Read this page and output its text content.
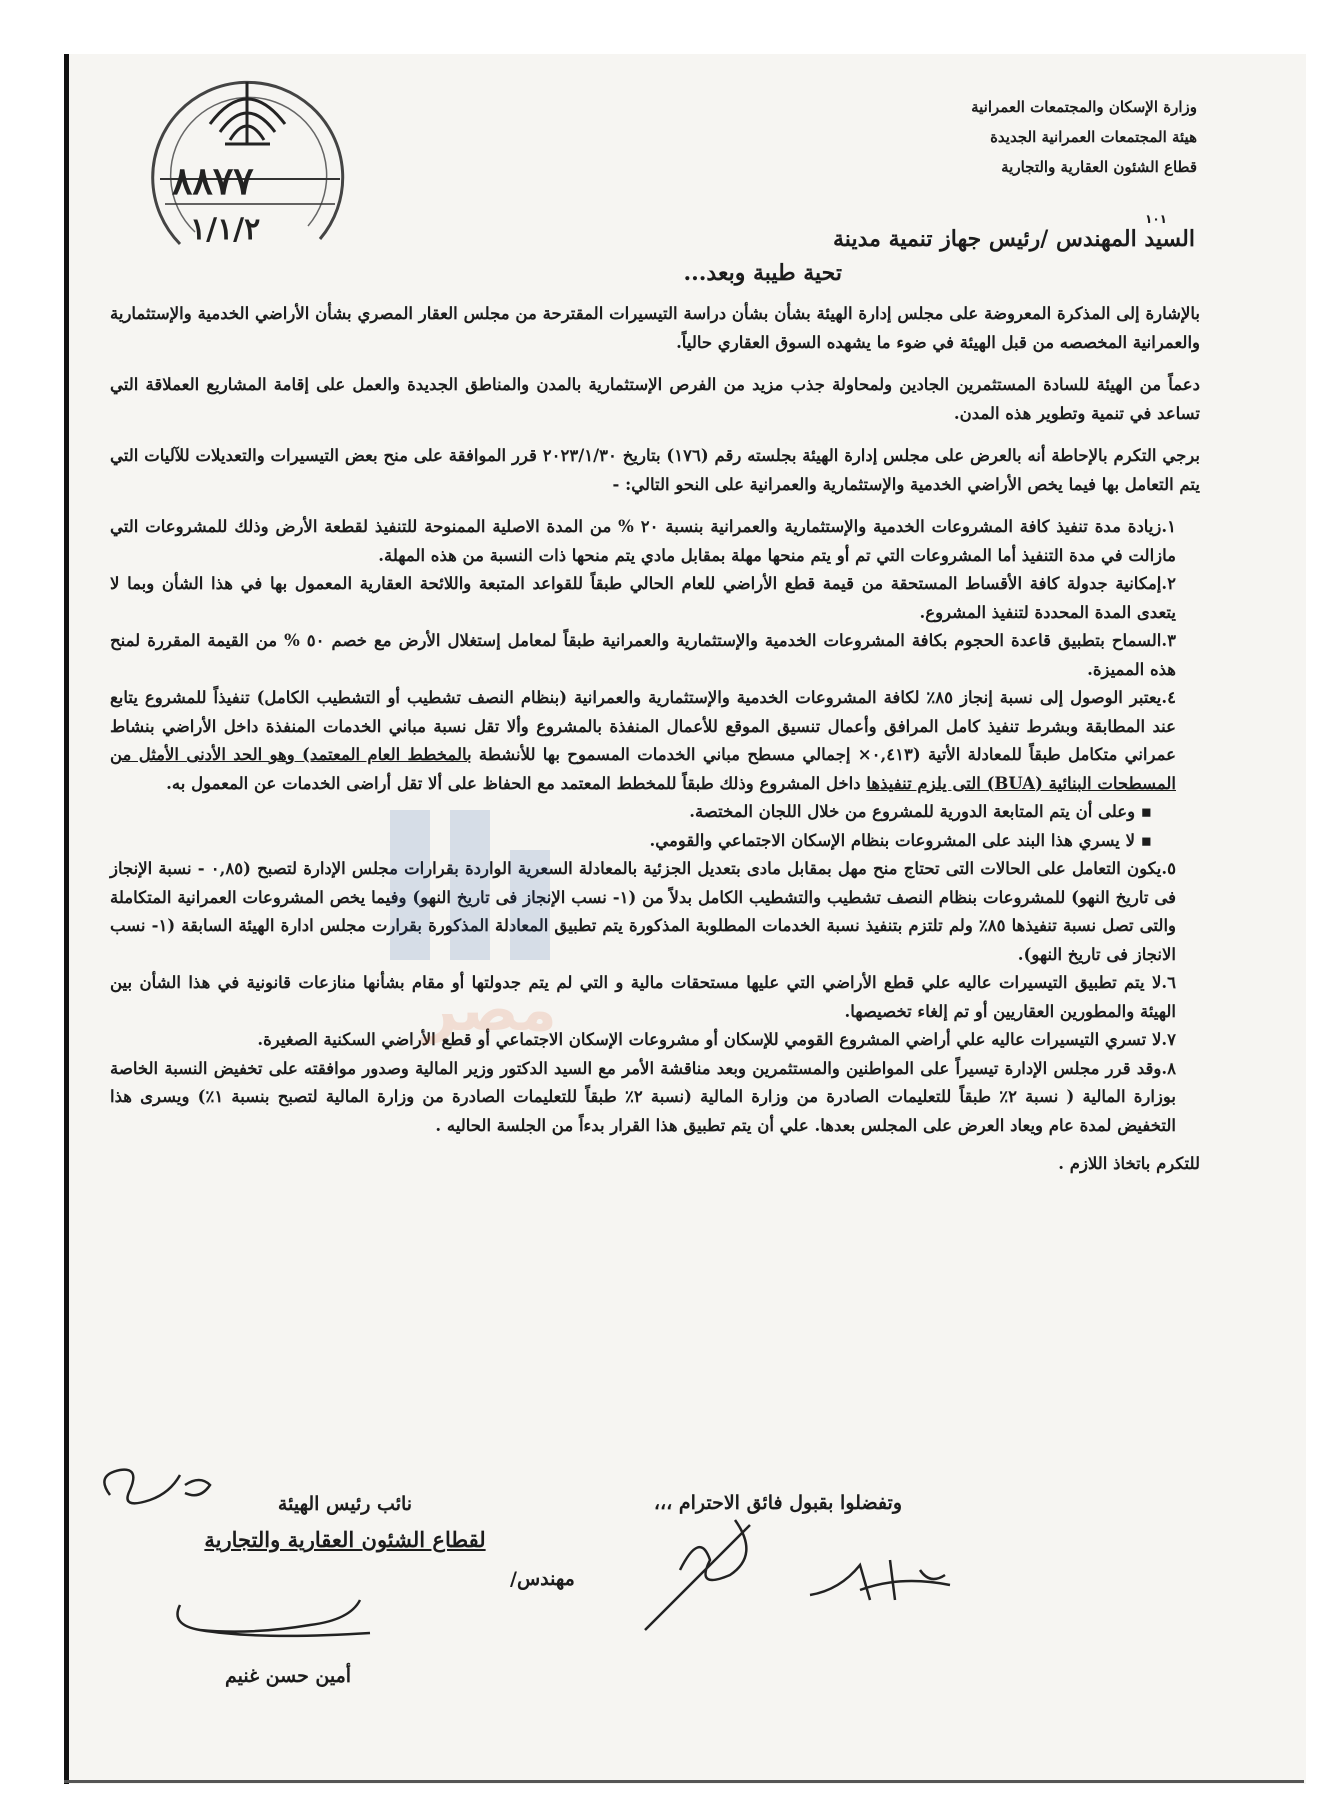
٨٨٧٧
١/١/٢
وزارة الإسكان والمجتمعات العمرانية
هيئة المجتمعات العمرانية الجديدة
قطاع الشئون العقارية والتجارية
١٠١
السيد المهندس /رئيس جهاز تنمية مدينة
تحية طيبة وبعد...

بالإشارة إلى المذكرة المعروضة على مجلس إدارة الهيئة بشأن بشأن دراسة التيسيرات المقترحة من مجلس العقار المصري بشأن الأراضي الخدمية والإستثمارية والعمرانية المخصصه من قبل الهيئة في ضوء ما يشهده السوق العقاري حالياً.

دعماً من الهيئة للسادة المستثمرين الجادين ولمحاولة جذب مزيد من الفرص الإستثمارية بالمدن والمناطق الجديدة والعمل على إقامة المشاريع العملاقة التي تساعد في تنمية وتطوير هذه المدن.

برجي التكرم بالإحاطة أنه بالعرض على مجلس إدارة الهيئة بجلسته رقم (١٧٦) بتاريخ ٢٠٢٣/١/٣٠ قرر الموافقة على منح بعض التيسيرات والتعديلات للآليات التي يتم التعامل بها فيما يخص الأراضي الخدمية والإستثمارية والعمرانية على النحو التالي: -

١.زيادة مدة تنفيذ كافة المشروعات الخدمية والإستثمارية والعمرانية بنسبة ٢٠ % من المدة الاصلية الممنوحة للتنفيذ لقطعة الأرض وذلك للمشروعات التي مازالت في مدة التنفيذ أما المشروعات التي تم أو يتم منحها مهلة بمقابل مادي يتم منحها ذات النسبة من هذه المهلة.
٢.إمكانية جدولة كافة الأقساط المستحقة من قيمة قطع الأراضي للعام الحالي طبقاً للقواعد المتبعة واللائحة العقارية المعمول بها في هذا الشأن وبما لا يتعدى المدة المحددة لتنفيذ المشروع.
٣.السماح بتطبيق قاعدة الحجوم بكافة المشروعات الخدمية والإستثمارية والعمرانية طبقاً لمعامل إستغلال الأرض مع خصم ٥٠ % من القيمة المقررة لمنح هذه المميزة.
٤.يعتبر الوصول إلى نسبة إنجاز ٨٥٪ لكافة المشروعات الخدمية والإستثمارية والعمرانية (بنظام النصف تشطيب أو التشطيب الكامل) تنفيذاً للمشروع يتابع عند المطابقة وبشرط تنفيذ كامل المرافق وأعمال تنسيق الموقع للأعمال المنفذة بالمشروع وألا تقل نسبة مباني الخدمات المنفذة داخل الأراضي بنشاط عمراني متكامل طبقاً للمعادلة الأتية (٠,٤١٣× إجمالي مسطح مباني الخدمات المسموح بها للأنشطة بالمخطط العام المعتمد) وهو الحد الأدنى الأمثل من المسطحات البنائية (BUA) التى يلزم تنفيذها داخل المشروع وذلك طبقاً للمخطط المعتمد مع الحفاظ على ألا تقل أراضى الخدمات عن المعمول به.
▪ وعلى أن يتم المتابعة الدورية للمشروع من خلال اللجان المختصة.
▪ لا يسري هذا البند على المشروعات بنظام الإسكان الاجتماعي والقومي.
٥.يكون التعامل على الحالات التى تحتاج منح مهل بمقابل مادى بتعديل الجزئية بالمعادلة السعرية الواردة بقرارات مجلس الإدارة لتصبح (٠,٨٥ - نسبة الإنجاز فى تاريخ النهو) للمشروعات بنظام النصف تشطيب والتشطيب الكامل بدلاً من (١- نسب الإنجاز فى تاريخ النهو) وفيما يخص المشروعات العمرانية المتكاملة والتى تصل نسبة تنفيذها ٨٥٪ ولم تلتزم بتنفيذ نسبة الخدمات المطلوبة المذكورة يتم تطبيق المعادلة المذكورة بقرارت مجلس ادارة الهيئة السابقة (١- نسب الانجاز فى تاريخ النهو).
٦.لا يتم تطبيق التيسيرات عاليه علي قطع الأراضي التي عليها مستحقات مالية و التي لم يتم جدولتها أو مقام بشأنها منازعات قانونية في هذا الشأن بين الهيئة والمطورين العقاريين أو تم إلغاء تخصيصها.
٧.لا تسري التيسيرات عاليه علي أراضي المشروع القومي للإسكان أو مشروعات الإسكان الاجتماعي أو قطع الأراضي السكنية الصغيرة.
٨.وقد قرر مجلس الإدارة تيسيراً على المواطنين والمستثمرين وبعد مناقشة الأمر مع السيد الدكتور وزير المالية وصدور موافقته على تخفيض النسبة الخاصة بوزارة المالية ( نسبة ٢٪ طبقاً للتعليمات الصادرة من وزارة المالية (نسبة ٢٪ طبقاً للتعليمات الصادرة من وزارة المالية لتصبح بنسبة ١٪) ويسرى هذا التخفيض لمدة عام ويعاد العرض على المجلس بعدها. علي أن يتم تطبيق هذا القرار بدءاً من الجلسة الحاليه .

للتكرم باتخاذ اللازم .

مصر
وتفضلوا بقبول فائق الاحترام ،،،
نائب رئيس الهيئة
لقطاع الشئون العقارية والتجارية
مهندس/
أمين حسن غنيم
